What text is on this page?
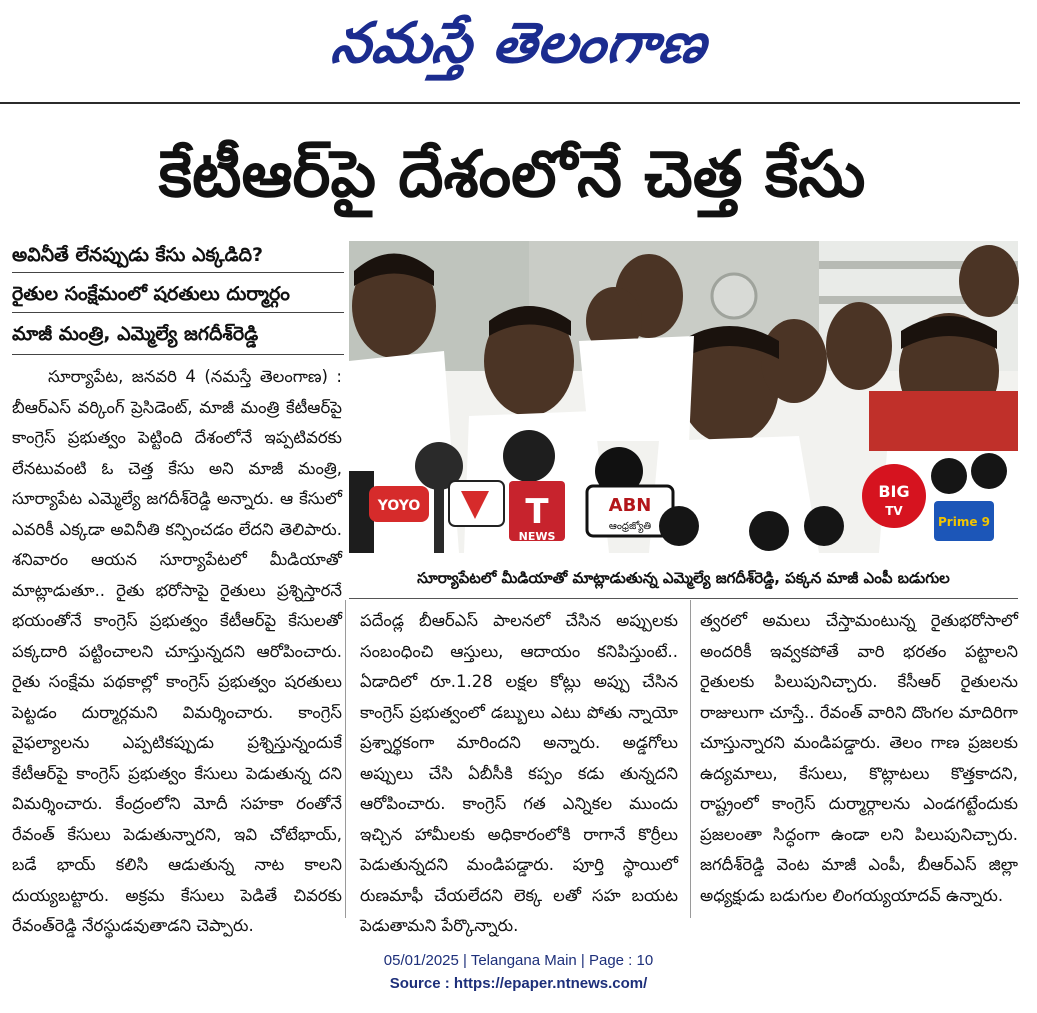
నమస్తే తెలంగాణ
కేటీఆర్‌పై దేశంలోనే చెత్త కేసు
అవినీతే లేనప్పుడు కేసు ఎక్కడిది?
రైతుల సంక్షేమంలో షరతులు దుర్మార్గం
మాజీ మంత్రి, ఎమ్మెల్యే జగదీశ్‌రెడ్డి

సూర్యాపేట, జనవరి 4 (నమస్తే తెలంగాణ) : బీఆర్‌ఎస్‌ వర్కింగ్‌ ప్రెసిడెంట్‌, మాజీ మంత్రి కేటీఆర్‌పై కాంగ్రెస్‌ ప్రభుత్వం పెట్టింది దేశంలోనే ఇప్పటివరకు లేనటువంటి ఓ చెత్త కేసు అని మాజీ మంత్రి, సూర్యాపేట ఎమ్మెల్యే జగదీశ్‌రెడ్డి అన్నారు. ఆ కేసులో ఎవరికీ ఎక్కడా అవినీతి కన్పించడం లేదని తెలిపారు. శనివారం ఆయన సూర్యాపేటలో మీడియాతో మాట్లాడుతూ.. రైతు భరోసాపై రైతులు ప్రశ్నిస్తారనే భయంతోనే కాంగ్రెస్‌ ప్రభుత్వం కేటీఆర్‌పై కేసులతో పక్కదారి పట్టించాలని చూస్తున్నదని ఆరోపించారు. రైతు సంక్షేమ పథకాల్లో కాంగ్రెస్‌ ప్రభుత్వం షరతులు పెట్టడం దుర్మార్గమని విమర్శించారు. కాంగ్రెస్‌ వైఫల్యాలను ఎప్పటికప్పుడు ప్రశ్నిస్తున్నందుకే కేటీఆర్‌పై కాంగ్రెస్‌ ప్రభుత్వం కేసులు పెడుతున్న దని విమర్శించారు. కేంద్రంలోని మోదీ సహకా రంతోనే రేవంత్‌ కేసులు పెడుతున్నారని, ఇవి చోటేభాయ్‌, బడే భాయ్‌ కలిసి ఆడుతున్న నాట కాలని దుయ్యబట్టారు. అక్రమ కేసులు పెడితే చివరకు రేవంత్‌రెడ్డి నేరస్థుడవుతాడని చెప్పారు.

YOYO	T
NEWS
ABN
ఆంధ్రజ్యోతి
BIG
TV
Prime 9
సూర్యాపేటలో మీడియాతో మాట్లాడుతున్న ఎమ్మెల్యే జగదీశ్‌రెడ్డి, పక్కన మాజీ ఎంపీ బడుగుల

పదేండ్ల బీఆర్‌ఎస్‌ పాలనలో చేసిన అప్పులకు సంబంధించి ఆస్తులు, ఆదాయం కనిపిస్తుంటే.. ఏడాదిలో రూ.1.28 లక్షల కోట్లు అప్పు చేసిన కాంగ్రెస్‌ ప్రభుత్వంలో డబ్బులు ఎటు పోతు న్నాయో ప్రశ్నార్థకంగా మారిందని అన్నారు. అడ్డగోలు అప్పులు చేసి ఏబీసీకి కప్పం కడు తున్నదని ఆరోపించారు. కాంగ్రెస్‌ గత ఎన్నికల ముందు ఇచ్చిన హామీలకు అధికారంలోకి రాగానే కొర్రీలు పెడుతున్నదని మండిపడ్డారు. పూర్తి స్థాయిలో రుణమాఫీ చేయలేదని లెక్క లతో సహ బయట పెడుతామని పేర్కొన్నారు.

త్వరలో అమలు చేస్తామంటున్న రైతుభరోసాలో అందరికీ ఇవ్వకపోతే వారి భరతం పట్టాలని రైతులకు పిలుపునిచ్చారు. కేసీఆర్‌ రైతులను రాజులుగా చూస్తే.. రేవంత్‌ వారిని దొంగల మాదిరిగా చూస్తున్నారని మండిపడ్డారు. తెలం గాణ ప్రజలకు ఉద్యమాలు, కేసులు, కొట్లాటలు కొత్తకాదని, రాష్ట్రంలో కాంగ్రెస్‌ దుర్మార్గాలను ఎండగట్టేందుకు ప్రజలంతా సిద్ధంగా ఉండా లని పిలుపునిచ్చారు. జగదీశ్‌రెడ్డి వెంట మాజీ ఎంపీ, బీఆర్‌ఎస్‌ జిల్లా అధ్యక్షుడు బడుగుల లింగయ్యయాదవ్‌ ఉన్నారు.

05/01/2025 | Telangana Main | Page : 10
Source : https://epaper.ntnews.com/
